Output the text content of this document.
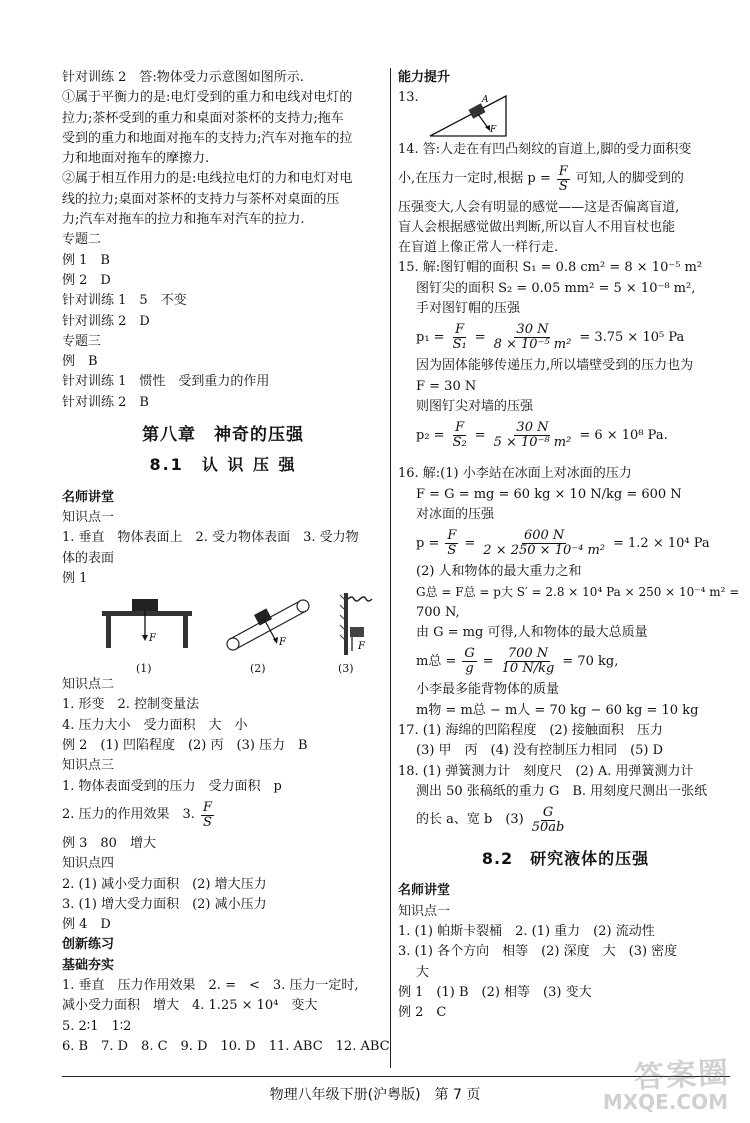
针对训练 2　答:物体受力示意图如图所示.
①属于平衡力的是:电灯受到的重力和电线对电灯的
拉力;茶杯受到的重力和桌面对茶杯的支持力;拖车
受到的重力和地面对拖车的支持力;汽车对拖车的拉
力和地面对拖车的摩擦力.
②属于相互作用力的是:电线拉电灯的力和电灯对电
线的拉力;桌面对茶杯的支持力与茶杯对桌面的压
力;汽车对拖车的拉力和拖车对汽车的拉力.
专题二
例 1　B
例 2　D
针对训练 1　5　不变
针对训练 2　D
专题三
例　B
针对训练 1　惯性　受到重力的作用
针对训练 2　B
第八章　神奇的压强
8.1　认 识 压 强
名师讲堂
知识点一
1. 垂直　物体表面上　2. 受力物体表面　3. 受力物
体的表面
例 1
F	F	F
(1)	(2)	(3)
知识点二
1. 形变　2. 控制变量法
4. 压力大小　受力面积　大　小
例 2　(1) 凹陷程度　(2) 丙　(3) 压力　B
知识点三
1. 物体表面受到的压力　受力面积　p
2. 压力的作用效果　3. $\frac{F}{S}$
例 3　80　增大
知识点四
2. (1) 减小受力面积　(2) 增大压力
3. (1) 增大受力面积　(2) 减小压力
例 4　D
创新练习
基础夯实
1. 垂直　压力作用效果　2. =　<　3. 压力一定时,
减小受力面积　增大　4. 1.25 × 10⁴　变大
5. 2∶1　1∶2
6. B　7. D　8. C　9. D　10. D　11. ABC　12. ABC
能力提升
13.	A
F
14. 答:人走在有凹凸刻纹的盲道上,脚的受力面积变
小,在压力一定时,根据 $p = \frac{F}{S}$ 可知,人的脚受到的
压强变大,人会有明显的感觉——这是否偏离盲道,
盲人会根据感觉做出判断,所以盲人不用盲杖也能
在盲道上像正常人一样行走.
15. 解:图钉帽的面积 S₁ = 0.8 cm² = 8 × 10⁻⁵ m²
图钉尖的面积 S₂ = 0.05 mm² = 5 × 10⁻⁸ m²,
手对图钉帽的压强
$p_1 = \frac{F}{\text{S₁}} = \frac{30 N}{\text{8 × 10⁻⁵ m²}} = 3.75 \times 10^5$ Pa
因为固体能够传递压力,所以墙壁受到的压力也为
F = 30 N
则图钉尖对墙的压强
$p_2 = \frac{F}{\text{S₂}} = \frac{30 N}{\text{5 × 10⁻⁸ m²}} = 6 \times 10^8$ Pa.
16. 解:(1) 小李站在冰面上对冰面的压力
F = G = mg = 60 kg × 10 N/kg = 600 N
对冰面的压强
$p = \frac{F}{S} = \frac{600 N}{\text{2 × 250 × 10⁻⁴ m²}} = 1.2 \times 10^4$ Pa
(2) 人和物体的最大重力之和
G总 = F总 = p大 S′ = 2.8 × 10⁴ Pa × 250 × 10⁻⁴ m² =
700 N,
由 G = mg 可得,人和物体的最大总质量
m总 = $\frac{G}{g} = \frac{700 N}{10 N/kg} = 70$ kg,
小李最多能背物体的质量
m物 = m总 − m人 = 70 kg − 60 kg = 10 kg
17. (1) 海绵的凹陷程度　(2) 接触面积　压力
(3) 甲　丙　(4) 没有控制压力相同　(5) D
18. (1) 弹簧测力计　刻度尺　(2) A. 用弹簧测力计
测出 50 张稿纸的重力 G　B. 用刻度尺测出一张纸
的长 a、宽 b　$(3) \frac{G}{50ab}$
8.2　研究液体的压强
名师讲堂
知识点一
1. (1) 帕斯卡裂桶　2. (1) 重力　(2) 流动性
3. (1) 各个方向　相等　(2) 深度　大　(3) 密度
大
例 1　(1) B　(2) 相等　(3) 变大
例 2　C
物理八年级下册(沪粤版)　第 7 页	答案圈
MXQE.COM
